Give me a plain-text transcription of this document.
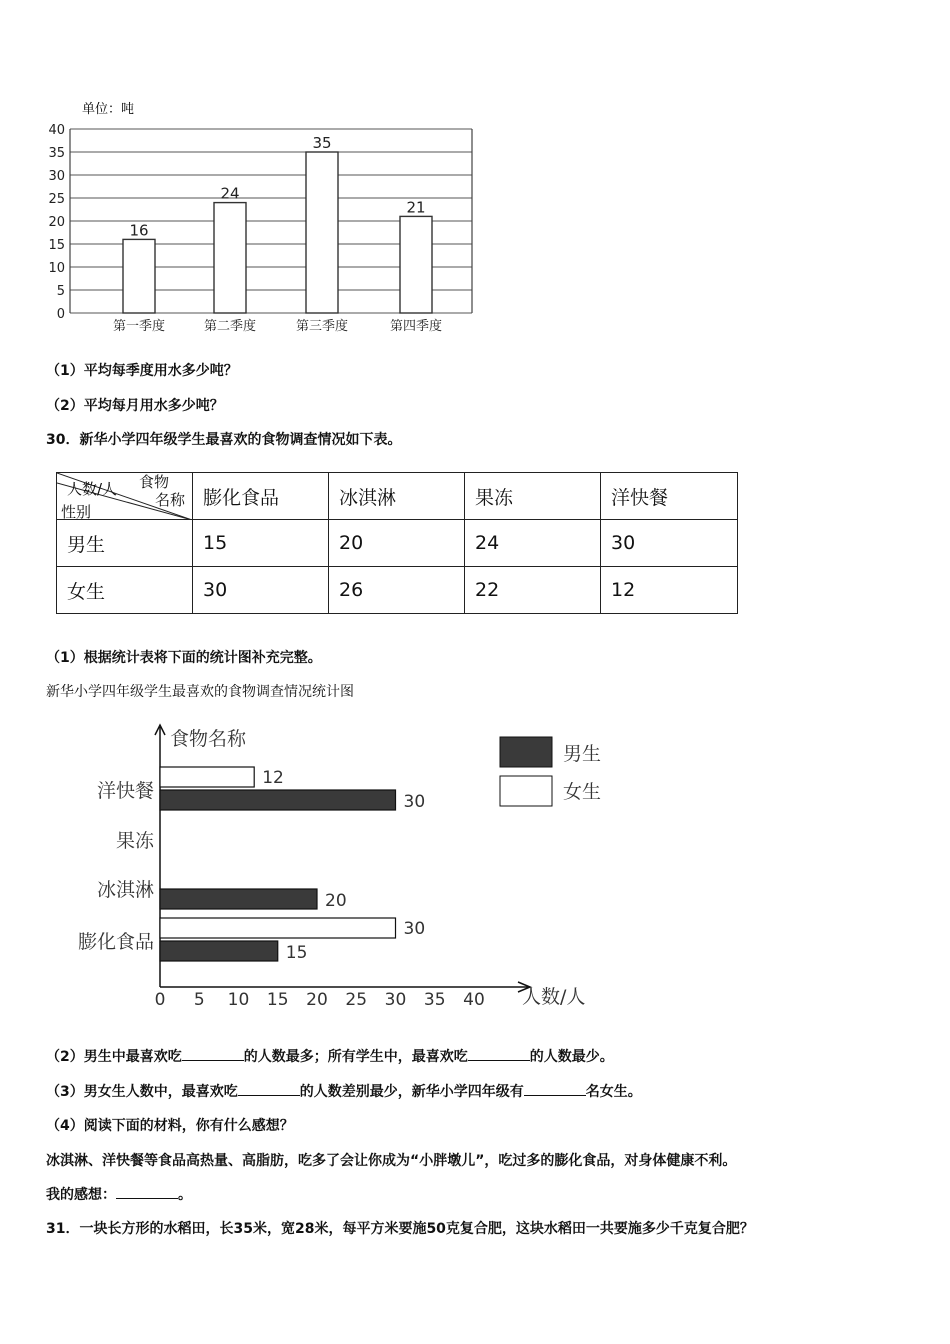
单位：吨
0
5
10
15
20
25
30
35
40
16
24
35
21
第一季度	第二季度	第三季度	第四季度
（1）平均每季度用水多少吨？
（2）平均每月用水多少吨？
30．新华小学四年级学生最喜欢的食物调查情况如下表。
食物
人数/人
名称
性别	膨化食品	冰淇淋	果冻	洋快餐
男生	15	20	24	30
女生	30	26	22	12
（1）根据统计表将下面的统计图补充完整。
新华小学四年级学生最喜欢的食物调查情况统计图
食物名称
人数/人
膨化食品
冰淇淋
果冻
洋快餐
30
15
20
12
30
0 5 10 15 20 25 30 35 40
男生
女生
（2）男生中最喜欢吃	的人数最多；所有学生中，最喜欢吃	的人数最少。
（3）男女生人数中，最喜欢吃	的人数差别最少，新华小学四年级有	名女生。
（4）阅读下面的材料，你有什么感想？
冰淇淋、洋快餐等食品高热量、高脂肪，吃多了会让你成为“小胖墩儿”，吃过多的膨化食品，对身体健康不利。
我的感想：	。
31．一块长方形的水稻田，长35米，宽28米，每平方米要施50克复合肥，这块水稻田一共要施多少千克复合肥？
